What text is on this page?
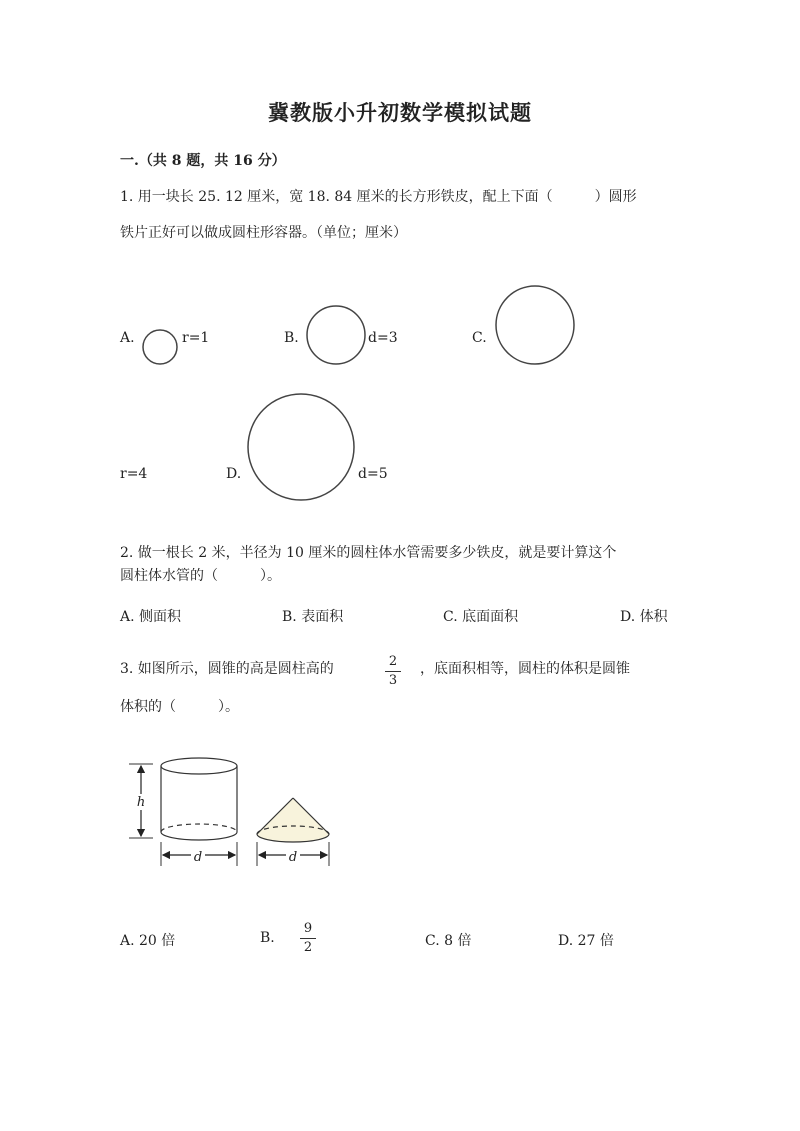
冀教版小升初数学模拟试题
一.（共 8 题，共 16 分）
1. 用一块长 25. 12 厘米，宽 18. 84 厘米的长方形铁皮，配上下面（　　　）圆形
铁片正好可以做成圆柱形容器。（单位；厘米）
A.	r=1	B.	d=3	C.
r=4	D.	d=5
2. 做一根长 2 米，半径为 10 厘米的圆柱体水管需要多少铁皮，就是要计算这个
圆柱体水管的（　　　）。
A. 侧面积	B. 表面积	C. 底面面积	D. 体积
3. 如图所示，圆锥的高是圆柱高的	2
3
，底面积相等，圆柱的体积是圆锥
体积的（　　　）。
h
d	d
A. 20 倍	B.
9
2	C. 8 倍	D. 27 倍
